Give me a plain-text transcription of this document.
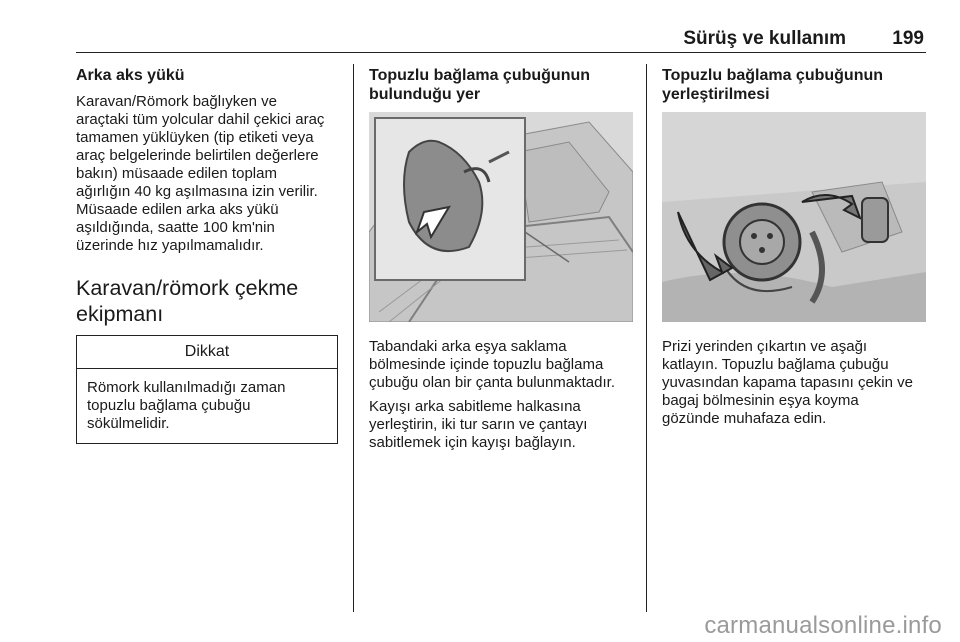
Sürüş ve kullanım 199
Arka aks yükü
Karavan/Römork bağlıyken ve
araçtaki tüm yolcular dahil çekici araç
tamamen yüklüyken (tip etiketi veya
araç belgelerinde belirtilen değerlere
bakın) müsaade edilen toplam
ağırlığın 40 kg aşılmasına izin verilir.
Müsaade edilen arka aks yükü
aşıldığında, saatte 100 km'nin
üzerinde hız yapılmamalıdır.
Karavan/römork çekme
ekipmanı
Dikkat
Römork kullanılmadığı zaman
topuzlu bağlama çubuğu
sökülmelidir.
Topuzlu bağlama çubuğunun
bulunduğu yer
Tabandaki arka eşya saklama
bölmesinde içinde topuzlu bağlama
çubuğu olan bir çanta bulunmaktadır.
Kayışı arka sabitleme halkasına
yerleştirin, iki tur sarın ve çantayı
sabitlemek için kayışı bağlayın.
Topuzlu bağlama çubuğunun
yerleştirilmesi
Prizi yerinden çıkartın ve aşağı
katlayın. Topuzlu bağlama çubuğu
yuvasından kapama tapasını çekin ve
bagaj bölmesinin eşya koyma
gözünde muhafaza edin.
carmanualsonline.info
